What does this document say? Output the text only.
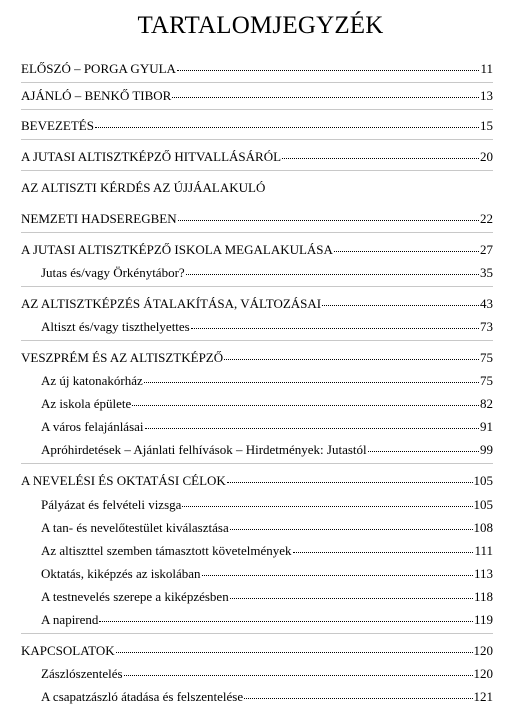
TARTALOMJEGYZÉK
ELŐSZÓ – PORGA GYULA	11
AJÁNLÓ – BENKŐ TIBOR	13
BEVEZETÉS	15
A JUTASI ALTISZTKÉPZŐ HITVALLÁSÁRÓL	20
AZ ALTISZTI KÉRDÉS AZ ÚJJÁALAKULÓ
NEMZETI HADSEREGBEN	22
A JUTASI ALTISZTKÉPZŐ ISKOLA MEGALAKULÁSA	27
Jutas és/vagy Örkénytábor?	35
AZ ALTISZTKÉPZÉS ÁTALAKÍTÁSA, VÁLTOZÁSAI	43
Altiszt és/vagy tiszthelyettes	73
VESZPRÉM ÉS AZ ALTISZTKÉPZŐ	75
Az új katonakórház	75
Az iskola épülete	82
A város felajánlásai	91
Apróhirdetések – Ajánlati felhívások – Hirdetmények: Jutastól	99
A NEVELÉSI ÉS OKTATÁSI CÉLOK	105
Pályázat és felvételi vizsga	105
A tan- és nevelőtestület kiválasztása	108
Az altiszttel szemben támasztott követelmények	111
Oktatás, kiképzés az iskolában	113
A testnevelés szerepe a kiképzésben	118
A napirend	119
KAPCSOLATOK	120
Zászlószentelés	120
A csapatzászló átadása és felszentelése	121
